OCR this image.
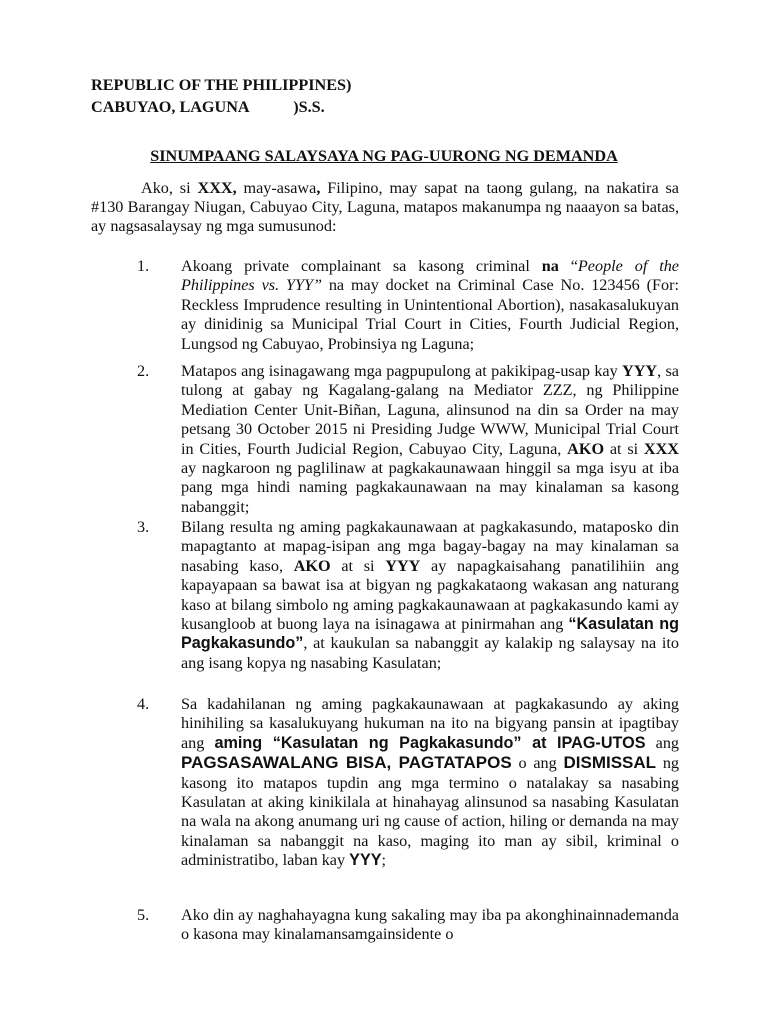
REPUBLIC OF THE PHILIPPINES)
CABUYAO, LAGUNA           )S.S.
SINUMPAANG SALAYSAYA NG PAG-UURONG NG DEMANDA

Ako, si XXX, may-asawa, Filipino, may sapat na taong gulang, na nakatira sa #130 Barangay Niugan, Cabuyao City, Laguna, matapos makanumpa ng naaayon sa batas, ay nagsasalaysay ng mga sumusunod:

1. Akoang private complainant sa kasong criminal na “People of the Philippines vs. YYY” na may docket na Criminal Case No. 123456 (For: Reckless Imprudence resulting in Unintentional Abortion), nasakasalukuyan ay dinidinig sa Municipal Trial Court in Cities, Fourth Judicial Region, Lungsod ng Cabuyao, Probinsiya ng Laguna;

2. Matapos ang isinagawang mga pagpupulong at pakikipag-usap kay YYY, sa tulong at gabay ng Kagalang-galang na Mediator ZZZ, ng Philippine Mediation Center Unit-Biñan, Laguna, alinsunod na din sa Order na may petsang 30 October 2015 ni Presiding Judge WWW, Municipal Trial Court in Cities, Fourth Judicial Region, Cabuyao City, Laguna, AKO at si XXX ay nagkaroon ng paglilinaw at pagkakaunawaan hinggil sa mga isyu at iba pang mga hindi naming pagkakaunawaan na may kinalaman sa kasong nabanggit;

3. Bilang resulta ng aming pagkakaunawaan at pagkakasundo, mataposko din mapagtanto at mapag-isipan ang mga bagay-bagay na may kinalaman sa nasabing kaso, AKO at si YYY ay napagkaisahang panatilihiin ang kapayapaan sa bawat isa at bigyan ng pagkakataong wakasan ang naturang kaso at bilang simbolo ng aming pagkakaunawaan at pagkakasundo kami ay kusangloob at buong laya na isinagawa at pinirmahan ang “Kasulatan ng Pagkakasundo”, at kaukulan sa nabanggit ay kalakip ng salaysay na ito ang isang kopya ng nasabing Kasulatan;

4. Sa kadahilanan ng aming pagkakaunawaan at pagkakasundo ay aking hinihiling sa kasalukuyang hukuman na ito na bigyang pansin at ipagtibay ang aming “Kasulatan ng Pagkakasundo” at IPAG-UTOS ang PAGSASAWALANG BISA, PAGTATAPOS o ang DISMISSAL ng kasong ito matapos tupdin ang mga termino o natalakay sa nasabing Kasulatan at aking kinikilala at hinahayag alinsunod sa nasabing Kasulatan na wala na akong anumang uri ng cause of action, hiling or demanda na may kinalaman sa nabanggit na kaso, maging ito man ay sibil, kriminal o administratibo, laban kay YYY;

5. Ako din ay naghahayagna kung sakaling may iba pa akonghinainnademanda o kasona may kinalamansamgainsidente o
